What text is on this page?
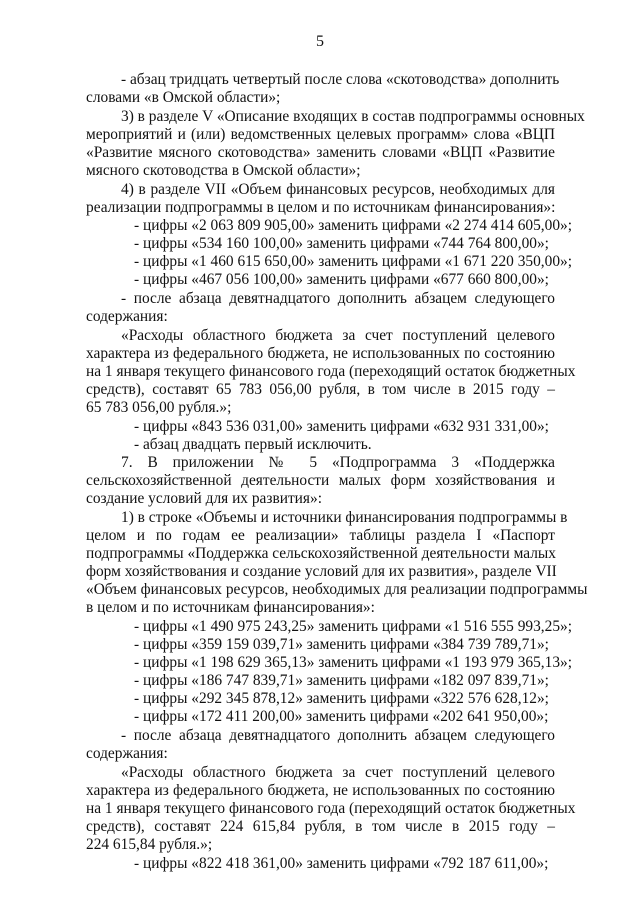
5
- абзац тридцать четвертый после слова «скотоводства» дополнить
словами «в Омской области»;
3) в разделе V «Описание входящих в состав подпрограммы основных
мероприятий и (или) ведомственных целевых программ» слова «ВЦП
«Развитие мясного скотоводства» заменить словами «ВЦП «Развитие
мясного скотоводства в Омской области»;
4) в разделе VII «Объем финансовых ресурсов, необходимых для
реализации подпрограммы в целом и по источникам финансирования»:
- цифры «2 063 809 905,00» заменить цифрами «2 274 414 605,00»;
- цифры «534 160 100,00» заменить цифрами «744 764 800,00»;
- цифры «1 460 615 650,00» заменить цифрами «1 671 220 350,00»;
- цифры «467 056 100,00» заменить цифрами «677 660 800,00»;
- после абзаца девятнадцатого дополнить абзацем следующего
содержания:
«Расходы областного бюджета за счет поступлений целевого
характера из федерального бюджета, не использованных по состоянию
на 1 января текущего финансового года (переходящий остаток бюджетных
средств), составят 65 783 056,00 рубля, в том числе в 2015 году –
65 783 056,00 рубля.»;
- цифры «843 536 031,00» заменить цифрами «632 931 331,00»;
- абзац двадцать первый исключить.
7. В приложении № 5 «Подпрограмма 3 «Поддержка
сельскохозяйственной деятельности малых форм хозяйствования и
создание условий для их развития»:
1) в строке «Объемы и источники финансирования подпрограммы в
целом и по годам ее реализации» таблицы раздела I «Паспорт
подпрограммы «Поддержка сельскохозяйственной деятельности малых
форм хозяйствования и создание условий для их развития», разделе VII
«Объем финансовых ресурсов, необходимых для реализации подпрограммы
в целом и по источникам финансирования»:
- цифры «1 490 975 243,25» заменить цифрами «1 516 555 993,25»;
- цифры «359 159 039,71» заменить цифрами «384 739 789,71»;
- цифры «1 198 629 365,13» заменить цифрами «1 193 979 365,13»;
- цифры «186 747 839,71» заменить цифрами «182 097 839,71»;
- цифры «292 345 878,12» заменить цифрами «322 576 628,12»;
- цифры «172 411 200,00» заменить цифрами «202 641 950,00»;
- после абзаца девятнадцатого дополнить абзацем следующего
содержания:
«Расходы областного бюджета за счет поступлений целевого
характера из федерального бюджета, не использованных по состоянию
на 1 января текущего финансового года (переходящий остаток бюджетных
средств), составят 224 615,84 рубля, в том числе в 2015 году –
224 615,84 рубля.»;
- цифры «822 418 361,00» заменить цифрами «792 187 611,00»;
